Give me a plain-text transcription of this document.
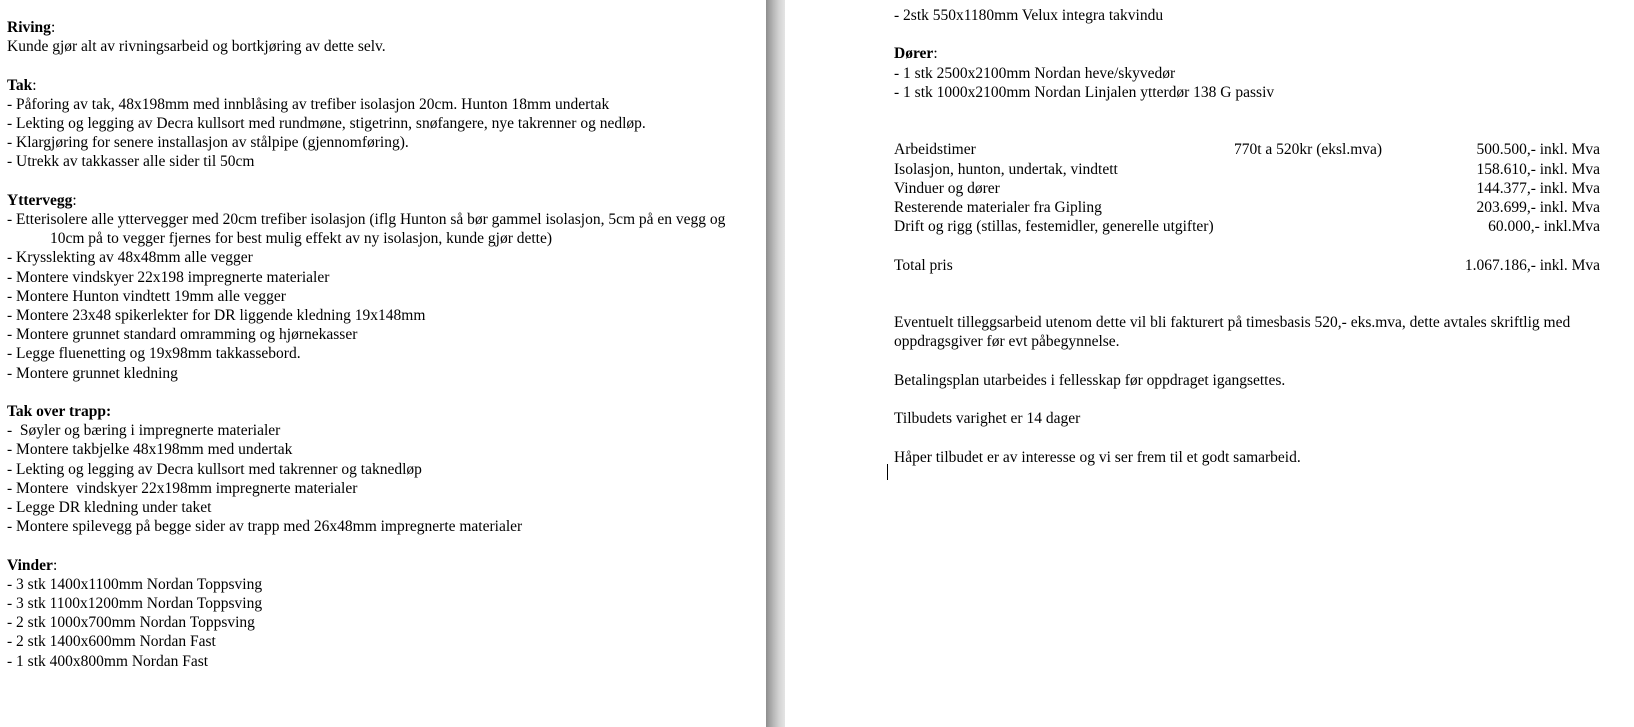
Riving:
Kunde gjør alt av rivningsarbeid og bortkjøring av dette selv.
Tak:
- Påforing av tak, 48x198mm med innblåsing av trefiber isolasjon 20cm. Hunton 18mm undertak
- Lekting og legging av Decra kullsort med rundmøne, stigetrinn, snøfangere, nye takrenner og nedløp.
- Klargjøring for senere installasjon av stålpipe (gjennomføring).
- Utrekk av takkasser alle sider til 50cm
Yttervegg:
- Etterisolere alle yttervegger med 20cm trefiber isolasjon (iflg Hunton så bør gammel isolasjon, 5cm på en vegg og 10cm på to vegger fjernes for best mulig effekt av ny isolasjon, kunde gjør dette)
- Krysslekting av 48x48mm alle vegger
- Montere vindskyer 22x198 impregnerte materialer
- Montere Hunton vindtett 19mm alle vegger
- Montere 23x48 spikerlekter for DR liggende kledning 19x148mm
- Montere grunnet standard omramming og hjørnekasser
- Legge fluenetting og 19x98mm takkassebord.
- Montere grunnet kledning
Tak over trapp:
-  Søyler og bæring i impregnerte materialer
- Montere takbjelke 48x198mm med undertak
- Lekting og legging av Decra kullsort med takrenner og taknedløp
- Montere  vindskyer 22x198mm impregnerte materialer
- Legge DR kledning under taket
- Montere spilevegg på begge sider av trapp med 26x48mm impregnerte materialer
Vinder:
- 3 stk 1400x1100mm Nordan Toppsving
- 3 stk 1100x1200mm Nordan Toppsving
- 2 stk 1000x700mm Nordan Toppsving
- 2 stk 1400x600mm Nordan Fast
- 1 stk 400x800mm Nordan Fast
- 2stk 550x1180mm Velux integra takvindu
Dører:
- 1 stk 2500x2100mm Nordan heve/skyvedør
- 1 stk 1000x2100mm Nordan Linjalen ytterdør 138 G passiv
Arbeidstimer	770t a 520kr (eksl.mva)	500.500,- inkl. Mva
Isolasjon, hunton, undertak, vindtett		158.610,- inkl. Mva
Vinduer og dører		144.377,- inkl. Mva
Resterende materialer fra Gipling		203.699,- inkl. Mva
Drift og rigg (stillas, festemidler, generelle utgifter)		60.000,- inkl.Mva

Total pris		1.067.186,- inkl. Mva

Eventuelt tilleggsarbeid utenom dette vil bli fakturert på timesbasis 520,- eks.mva, dette avtales skriftlig med oppdragsgiver før evt påbegynnelse.

Betalingsplan utarbeides i fellesskap før oppdraget igangsettes.

Tilbudets varighet er 14 dager

Håper tilbudet er av interesse og vi ser frem til et godt samarbeid.
